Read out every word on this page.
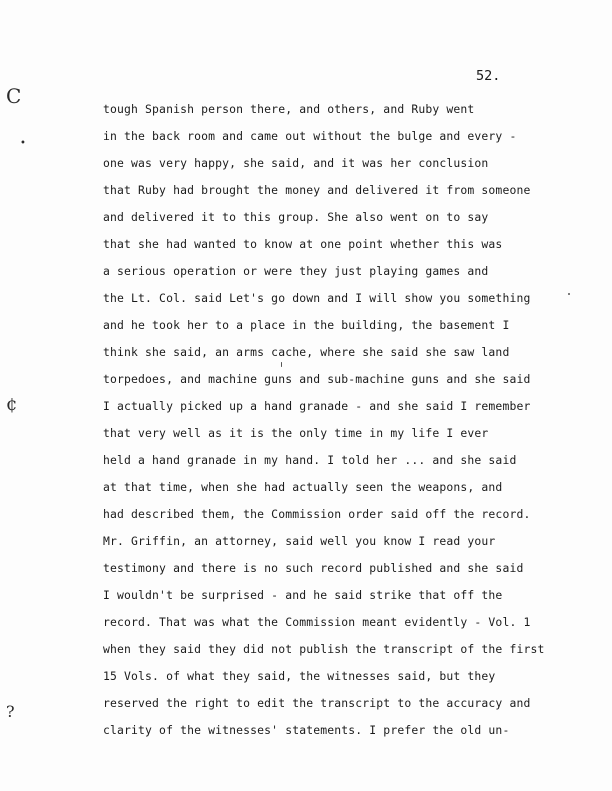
52.
C
•
¢
?
tough Spanish person there, and others, and Ruby went
in the back room and came out without the bulge and every -
one was very happy, she said, and it was her conclusion
that Ruby had brought the money and delivered it from someone
and delivered it to this group. She also went on to say
that she had wanted to know at one point whether this was
a serious operation or were they just playing games and
the Lt. Col. said Let's go down and I will show you something
and he took her to a place in the building, the basement I
think she said, an arms cache, where she said she saw land
torpedoes, and machine guns and sub-machine guns and she said
I actually picked up a hand granade - and she said I remember
that very well as it is the only time in my life I ever
held a hand granade in my hand. I told her ... and she said
at that time, when she had actually seen the weapons, and
had described them, the Commission order said off the record.
Mr. Griffin, an attorney, said well you know I read your
testimony and there is no such record published and she said
I wouldn't be surprised - and he said strike that off the
record. That was what the Commission meant evidently - Vol. 1
when they said they did not publish the transcript of the first
15 Vols. of what they said, the witnesses said, but they
reserved the right to edit the transcript to the accuracy and
clarity of the witnesses' statements. I prefer the old un-
